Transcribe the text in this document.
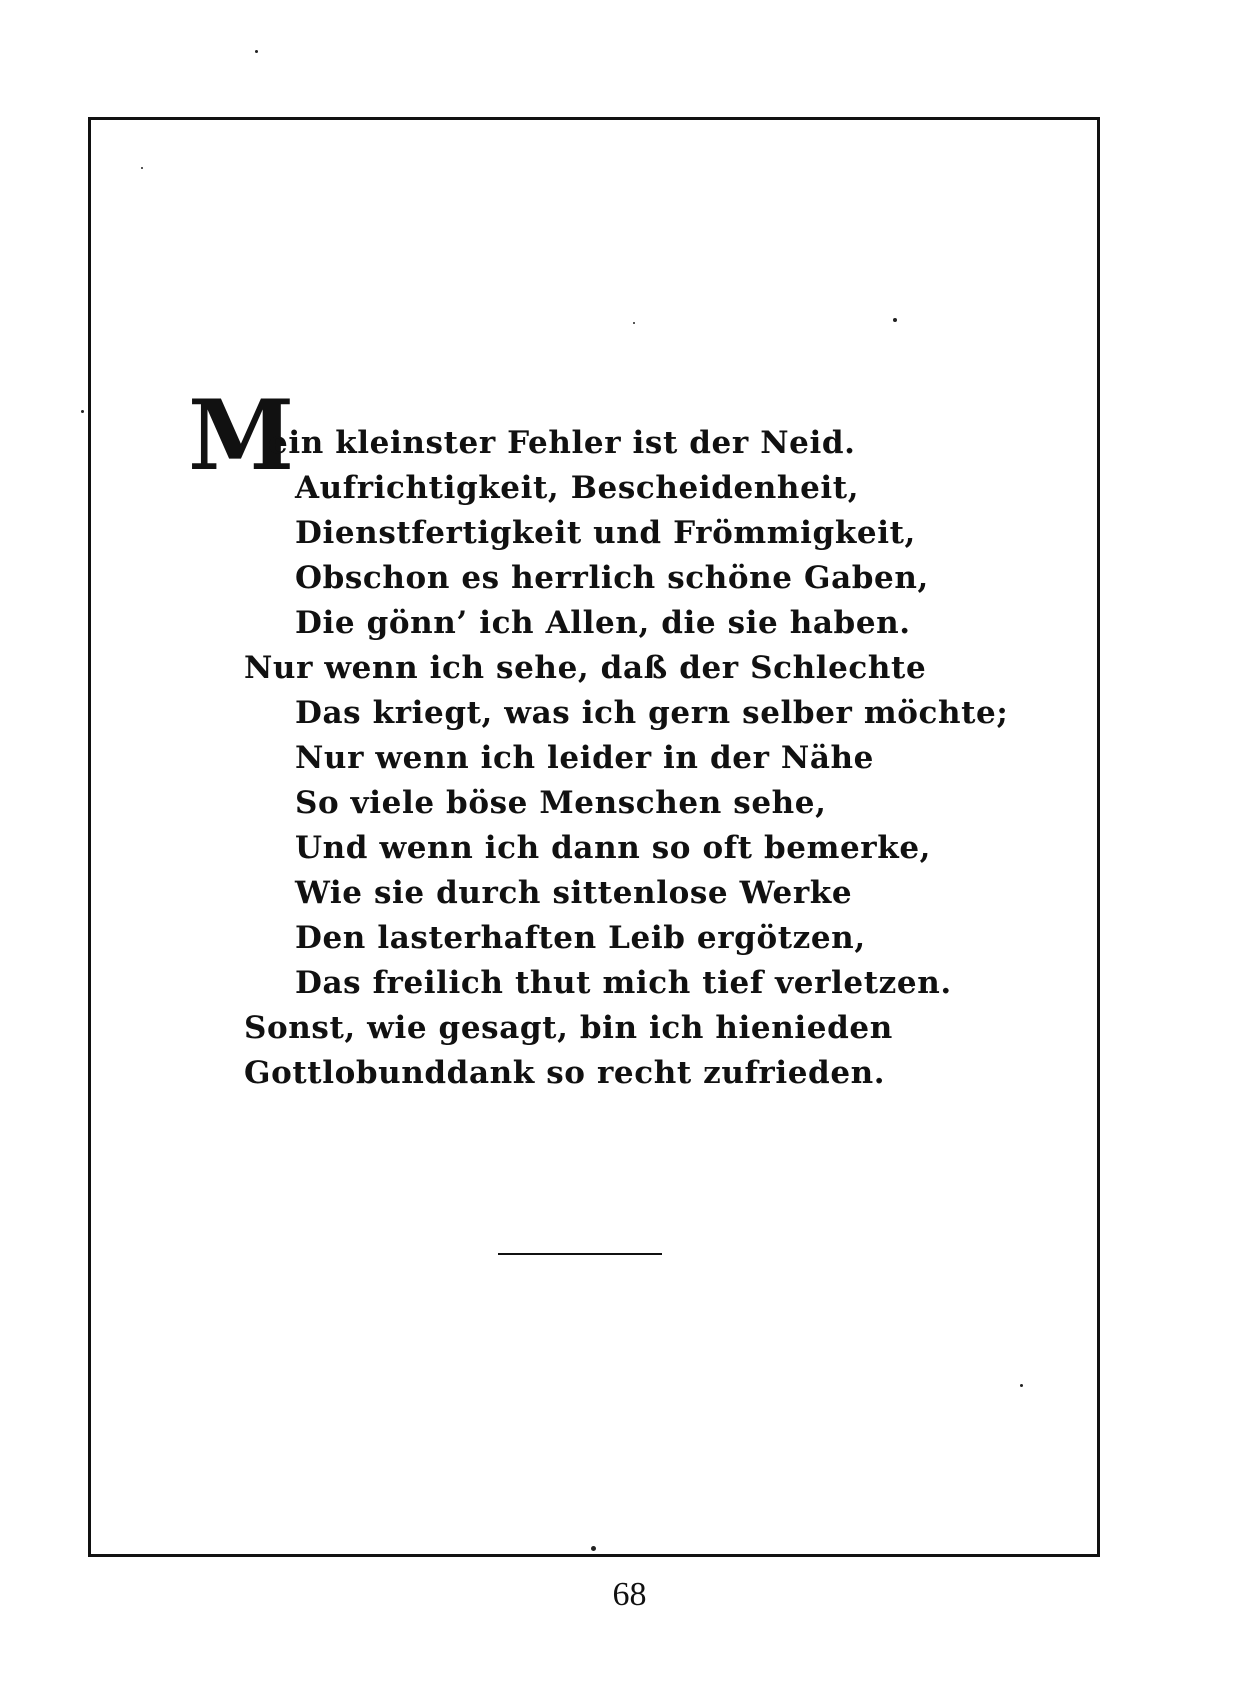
M
ein kleinster Fehler ist der Neid.
Aufrichtigkeit, Bescheidenheit,
Dienstfertigkeit und Frömmigkeit,
Obschon es herrlich schöne Gaben,
Die gönn’ ich Allen, die sie haben.
Nur wenn ich sehe, daß der Schlechte
Das kriegt, was ich gern selber möchte;
Nur wenn ich leider in der Nähe
So viele böse Menschen sehe,
Und wenn ich dann so oft bemerke,
Wie sie durch sittenlose Werke
Den lasterhaften Leib ergötzen,
Das freilich thut mich tief verletzen.
Sonst, wie gesagt, bin ich hienieden
Gottlobunddank so recht zufrieden.
68
